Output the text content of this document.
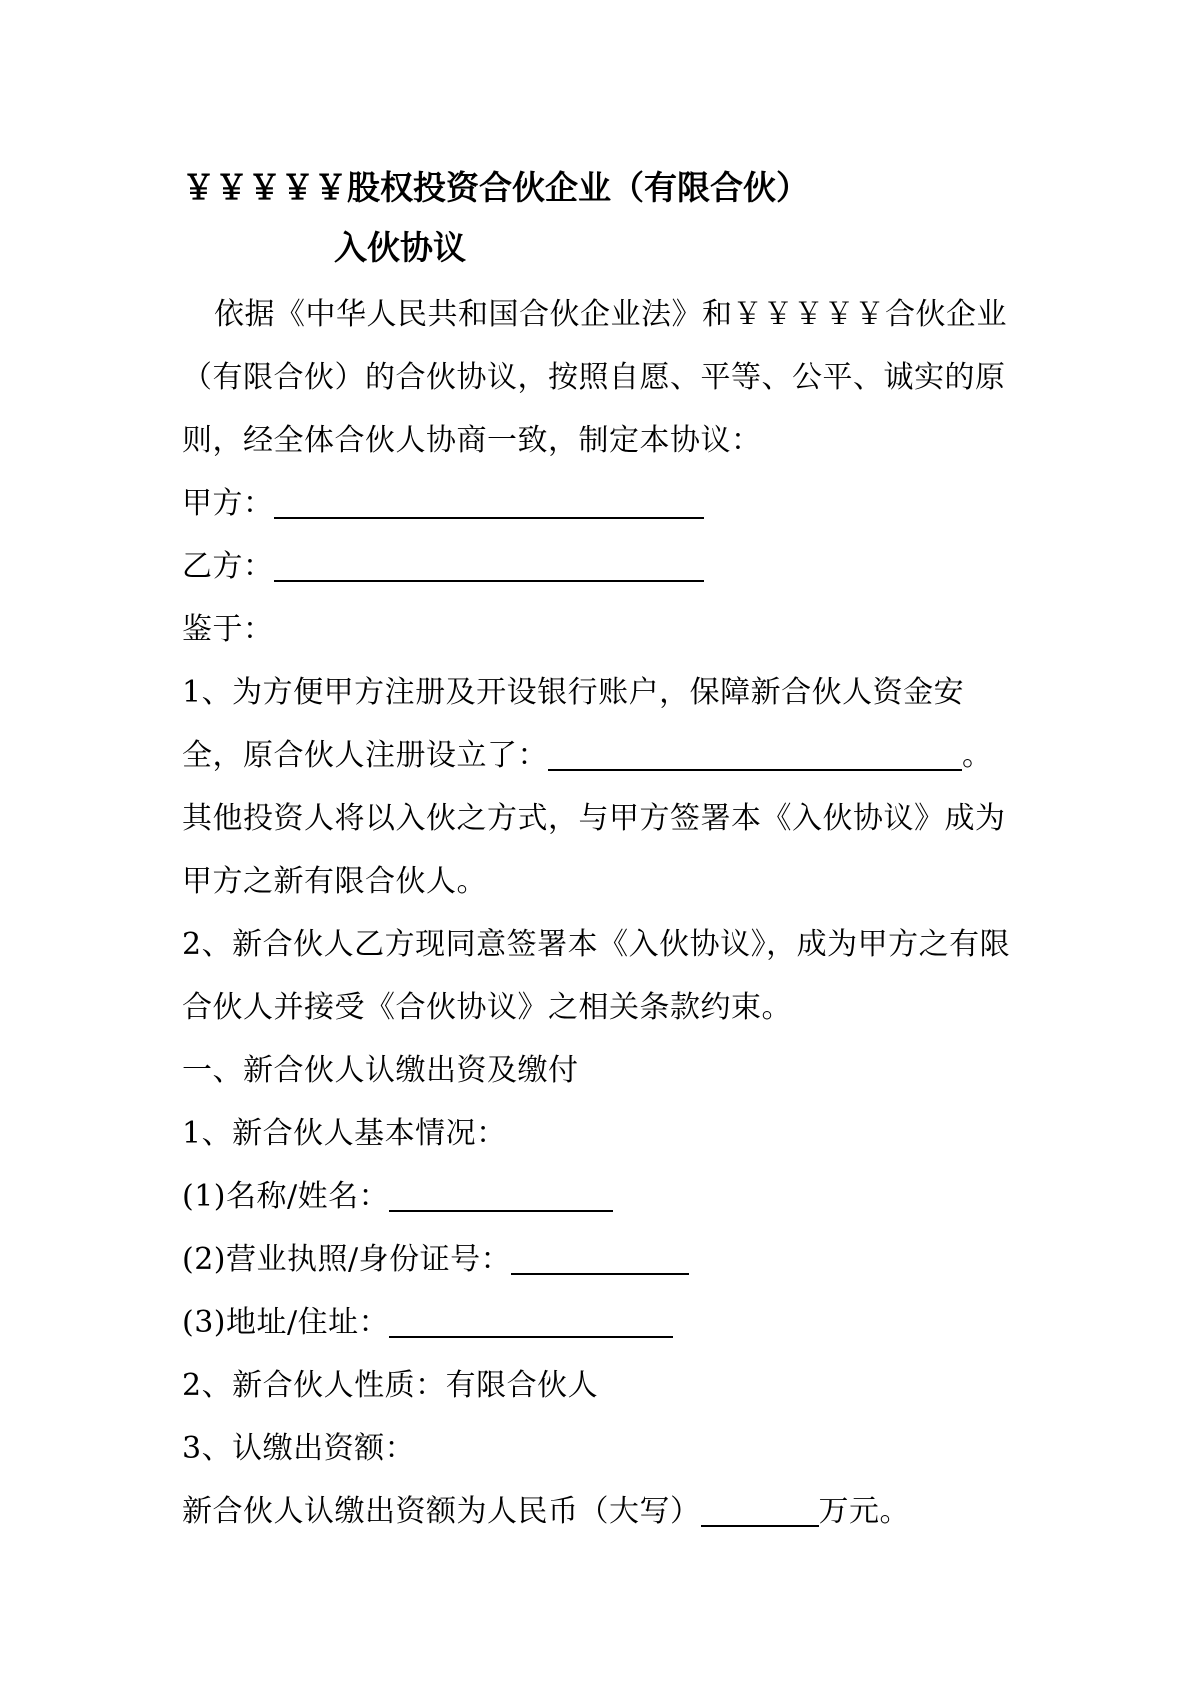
￥￥￥￥￥股权投资合伙企业（有限合伙）
入伙协议
依据《中华人民共和国合伙企业法》和￥￥￥￥￥合伙企业（有限合伙）的合伙协议，按照自愿、平等、公平、诚实的原则，经全体合伙人协商一致，制定本协议：
甲方：
乙方：
鉴于：
1、为方便甲方注册及开设银行账户，保障新合伙人资金安全，原合伙人注册设立了：	。其他投资人将以入伙之方式，与甲方签署本《入伙协议》成为甲方之新有限合伙人。
2、新合伙人乙方现同意签署本《入伙协议》，成为甲方之有限合伙人并接受《合伙协议》之相关条款约束。
一、新合伙人认缴出资及缴付
1、新合伙人基本情况：
(1)名称/姓名：
(2)营业执照/身份证号：
(3)地址/住址：
2、新合伙人性质：有限合伙人
3、认缴出资额：
新合伙人认缴出资额为人民币（大写）	万元。
